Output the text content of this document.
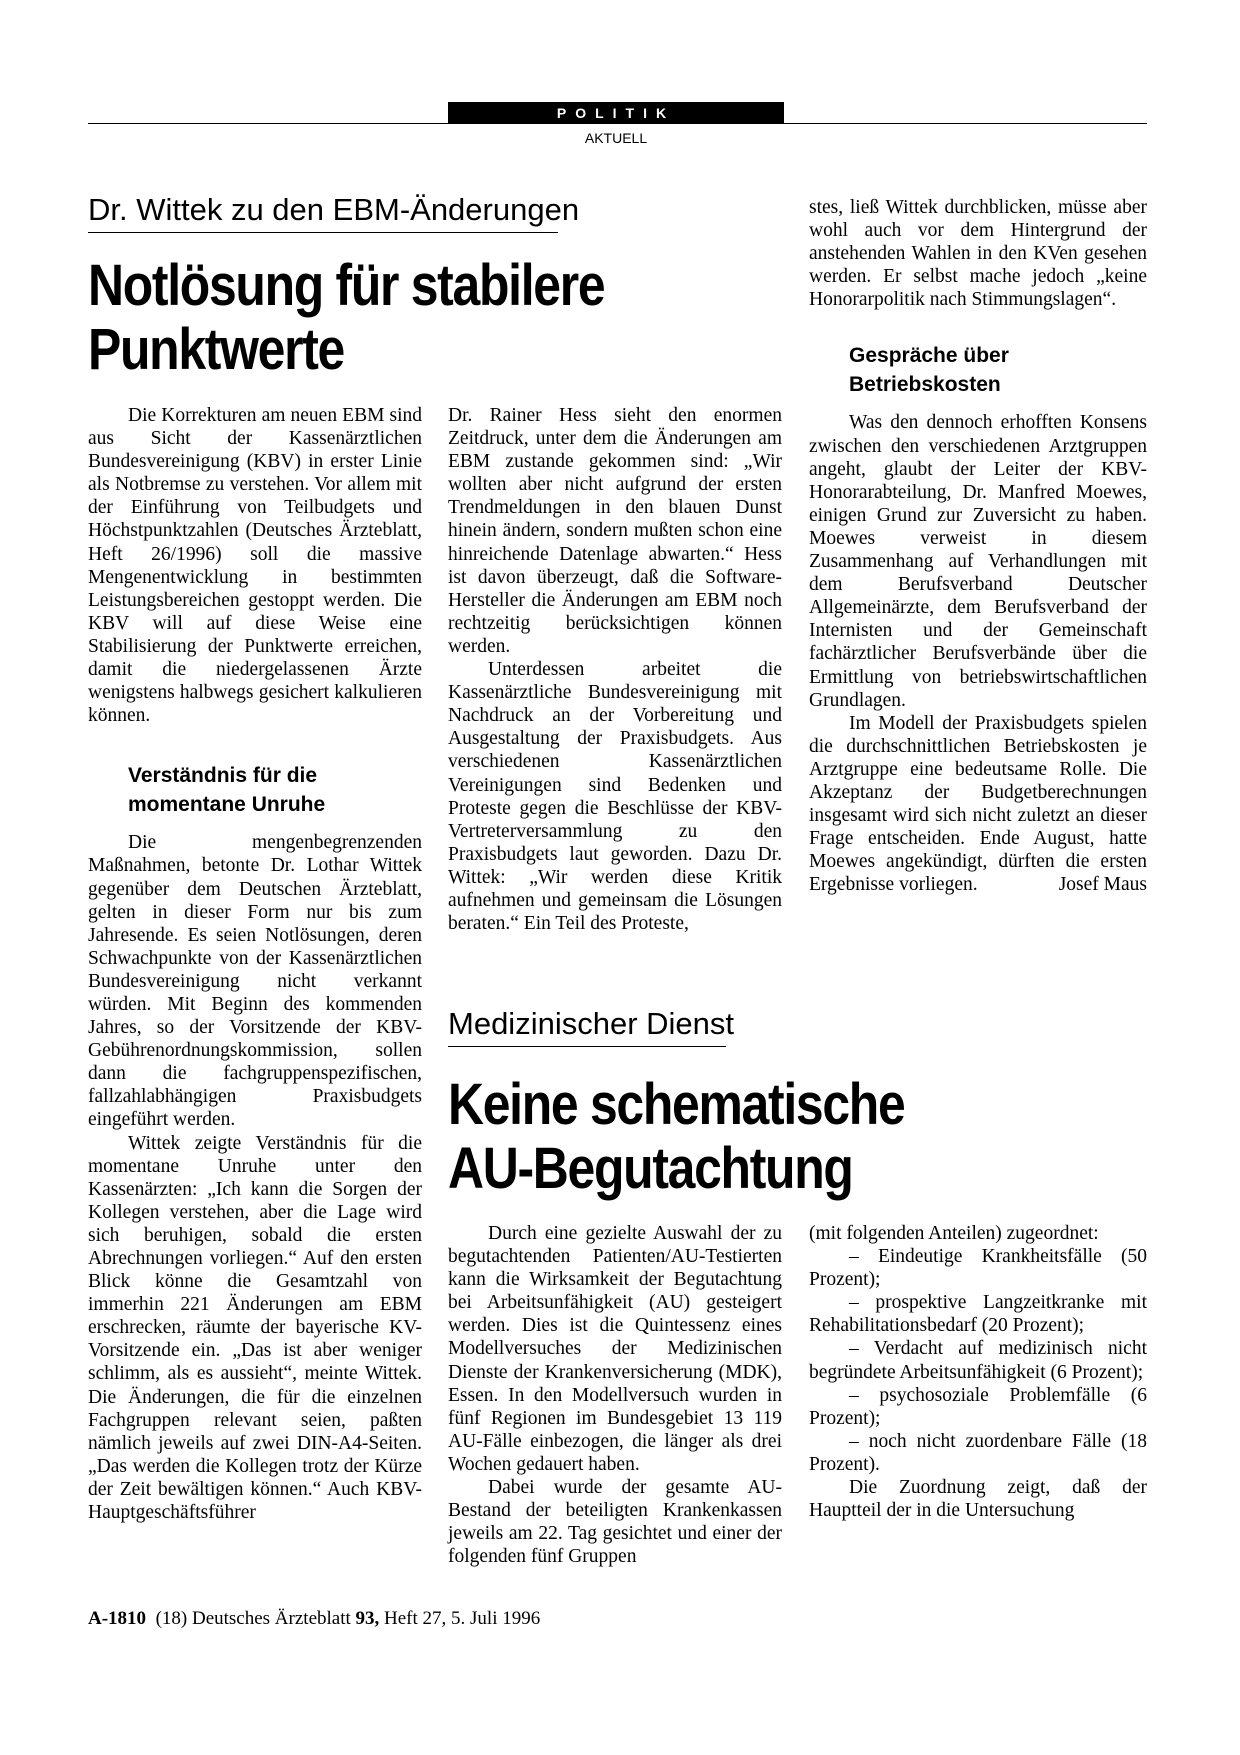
POLITIK
AKTUELL
Dr. Wittek zu den EBM-Änderungen
Notlösung für stabilere
Punktwerte

Die Korrekturen am neuen EBM sind aus Sicht der Kassenärztlichen Bundesvereinigung (KBV) in erster Linie als Notbremse zu verstehen. Vor allem mit der Einführung von Teilbudgets und Höchstpunktzahlen (Deutsches Ärzteblatt, Heft 26/1996) soll die massive Mengenentwicklung in bestimmten Leistungsbereichen gestoppt werden. Die KBV will auf diese Weise eine Stabilisierung der Punktwerte erreichen, damit die niedergelassenen Ärzte wenigstens halbwegs gesichert kalkulieren können.

Verständnis für die
momentane Unruhe

Die mengenbegrenzenden Maßnahmen, betonte Dr. Lothar Wittek gegenüber dem Deutschen Ärzteblatt, gelten in dieser Form nur bis zum Jahresende. Es seien Notlösungen, deren Schwachpunkte von der Kassenärztlichen Bundesvereinigung nicht verkannt würden. Mit Beginn des kommenden Jahres, so der Vorsitzende der KBV-Gebührenordnungskommission, sollen dann die fachgruppenspezifischen, fallzahlabhängigen Praxisbudgets eingeführt werden.

Wittek zeigte Verständnis für die momentane Unruhe unter den Kassenärzten: „Ich kann die Sorgen der Kollegen verstehen, aber die Lage wird sich beruhigen, sobald die ersten Abrechnungen vorliegen.“ Auf den ersten Blick könne die Gesamtzahl von immerhin 221 Änderungen am EBM erschrecken, räumte der bayerische KV-Vorsitzende ein. „Das ist aber weniger schlimm, als es aussieht“, meinte Wittek. Die Änderungen, die für die einzelnen Fachgruppen relevant seien, paßten nämlich jeweils auf zwei DIN-A4-Seiten. „Das werden die Kollegen trotz der Kürze der Zeit bewältigen können.“ Auch KBV-Hauptgeschäftsführer

Dr. Rainer Hess sieht den enormen Zeitdruck, unter dem die Änderungen am EBM zustande gekommen sind: „Wir wollten aber nicht aufgrund der ersten Trendmeldungen in den blauen Dunst hinein ändern, sondern mußten schon eine hinreichende Datenlage abwarten.“ Hess ist davon überzeugt, daß die Software-Hersteller die Änderungen am EBM noch rechtzeitig berücksichtigen können werden.

Unterdessen arbeitet die Kassenärztliche Bundesvereinigung mit Nachdruck an der Vorbereitung und Ausgestaltung der Praxisbudgets. Aus verschiedenen Kassenärztlichen Vereinigungen sind Bedenken und Proteste gegen die Beschlüsse der KBV-Vertreterversammlung zu den Praxisbudgets laut geworden. Dazu Dr. Wittek: „Wir werden diese Kritik aufnehmen und gemeinsam die Lösungen beraten.“ Ein Teil des Proteste,

stes, ließ Wittek durchblicken, müsse aber wohl auch vor dem Hintergrund der anstehenden Wahlen in den KVen gesehen werden. Er selbst mache jedoch „keine Honorarpolitik nach Stimmungslagen“.

Gespräche über
Betriebskosten

Was den dennoch erhofften Konsens zwischen den verschiedenen Arztgruppen angeht, glaubt der Leiter der KBV-Honorarabteilung, Dr. Manfred Moewes, einigen Grund zur Zuversicht zu haben. Moewes verweist in diesem Zusammenhang auf Verhandlungen mit dem Berufsverband Deutscher Allgemeinärzte, dem Berufsverband der Internisten und der Gemeinschaft fachärztlicher Berufsverbände über die Ermittlung von betriebswirtschaftlichen Grundlagen.

Im Modell der Praxisbudgets spielen die durchschnittlichen Betriebskosten je Arztgruppe eine bedeutsame Rolle. Die Akzeptanz der Budgetberechnungen insgesamt wird sich nicht zuletzt an dieser Frage entscheiden. Ende August, hatte Moewes angekündigt, dürften die ersten Ergebnisse vorliegen.	Josef Maus

Medizinischer Dienst
Keine schematische
AU-Begutachtung

Durch eine gezielte Auswahl der zu begutachtenden Patienten/AU-Testierten kann die Wirksamkeit der Begutachtung bei Arbeitsunfähigkeit (AU) gesteigert werden. Dies ist die Quintessenz eines Modellversuches der Medizinischen Dienste der Krankenversicherung (MDK), Essen. In den Modellversuch wurden in fünf Regionen im Bundesgebiet 13 119 AU-Fälle einbezogen, die länger als drei Wochen gedauert haben.

Dabei wurde der gesamte AU-Bestand der beteiligten Krankenkassen jeweils am 22. Tag gesichtet und einer der folgenden fünf Gruppen

(mit folgenden Anteilen) zugeordnet:

– Eindeutige Krankheitsfälle (50 Prozent);

– prospektive Langzeitkranke mit Rehabilitationsbedarf (20 Prozent);

– Verdacht auf medizinisch nicht begründete Arbeitsunfähigkeit (6 Prozent);

– psychosoziale Problemfälle (6 Prozent);

– noch nicht zuordenbare Fälle (18 Prozent).

Die Zuordnung zeigt, daß der Hauptteil der in die Untersuchung

A-1810 (18) Deutsches Ärzteblatt 93, Heft 27, 5. Juli 1996
